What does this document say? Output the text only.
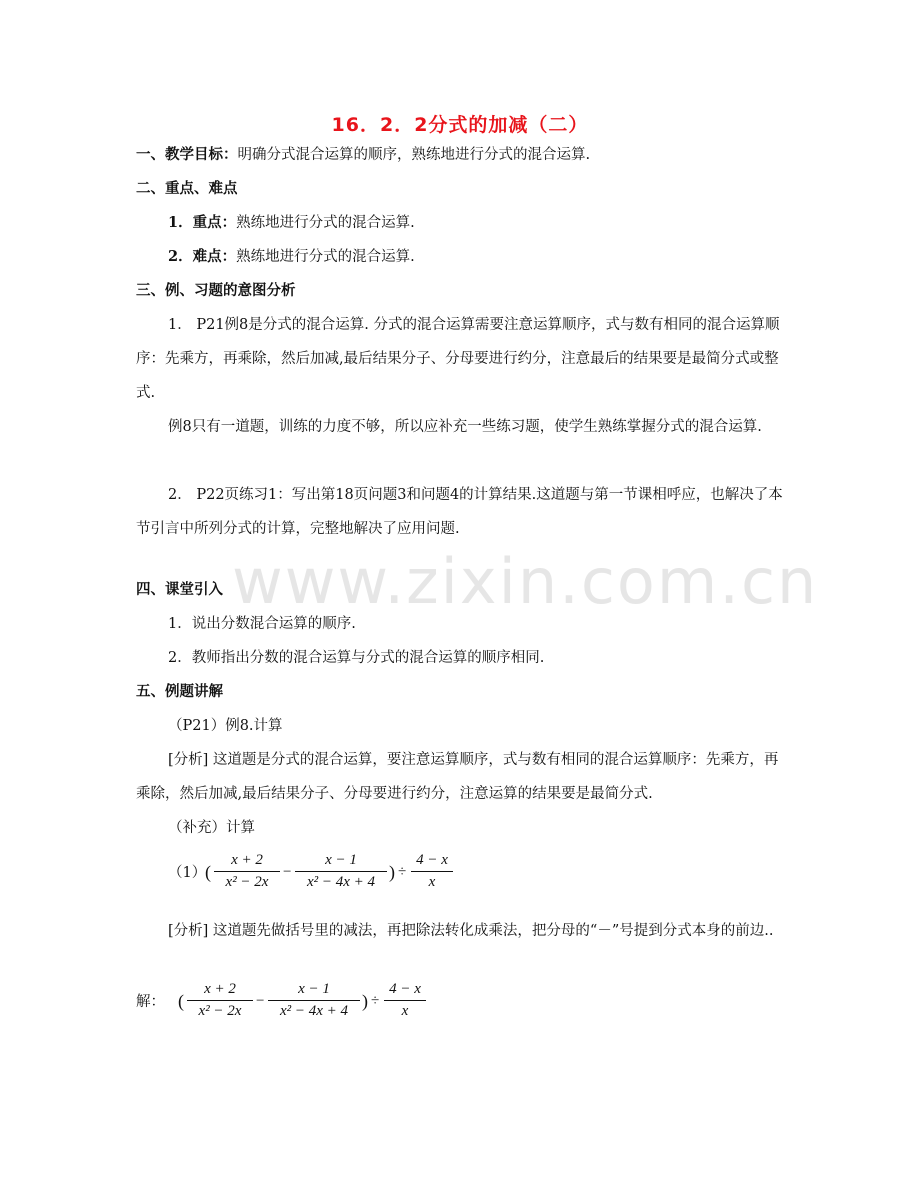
www.zixin.com.cn
16．2．2分式的加减（二）
一、教学目标：明确分式混合运算的顺序，熟练地进行分式的混合运算.
二、重点、难点
1．重点：熟练地进行分式的混合运算.
2．难点：熟练地进行分式的混合运算.
三、例、习题的意图分析
1． P21例8是分式的混合运算. 分式的混合运算需要注意运算顺序，式与数有相同的混合运算顺序：先乘方，再乘除，然后加减,最后结果分子、分母要进行约分，注意最后的结果要是最简分式或整式.
例8只有一道题，训练的力度不够，所以应补充一些练习题，使学生熟练掌握分式的混合运算.
2． P22页练习1：写出第18页问题3和问题4的计算结果.这道题与第一节课相呼应，也解决了本节引言中所列分式的计算，完整地解决了应用问题.
四、课堂引入
1．说出分数混合运算的顺序.
2．教师指出分数的混合运算与分式的混合运算的顺序相同.
五、例题讲解
（P21）例8.计算
[分析] 这道题是分式的混合运算，要注意运算顺序，式与数有相同的混合运算顺序：先乘方，再乘除，然后加减,最后结果分子、分母要进行约分，注意运算的结果要是最简分式.
（补充）计算
（1）
( $\frac{x + 2}{\text{x² − 2x}} - \frac{x - 1}{\text{x² − 4x + 4}}$ ) ÷ $\frac{4 - x}{x}$
[分析] 这道题先做括号里的减法，再把除法转化成乘法，把分母的“－”号提到分式本身的前边..
解： ( $\frac{x + 2}{\text{x² − 2x}} - \frac{x - 1}{\text{x² − 4x + 4}}$ ) ÷ $\frac{4 - x}{x}$
